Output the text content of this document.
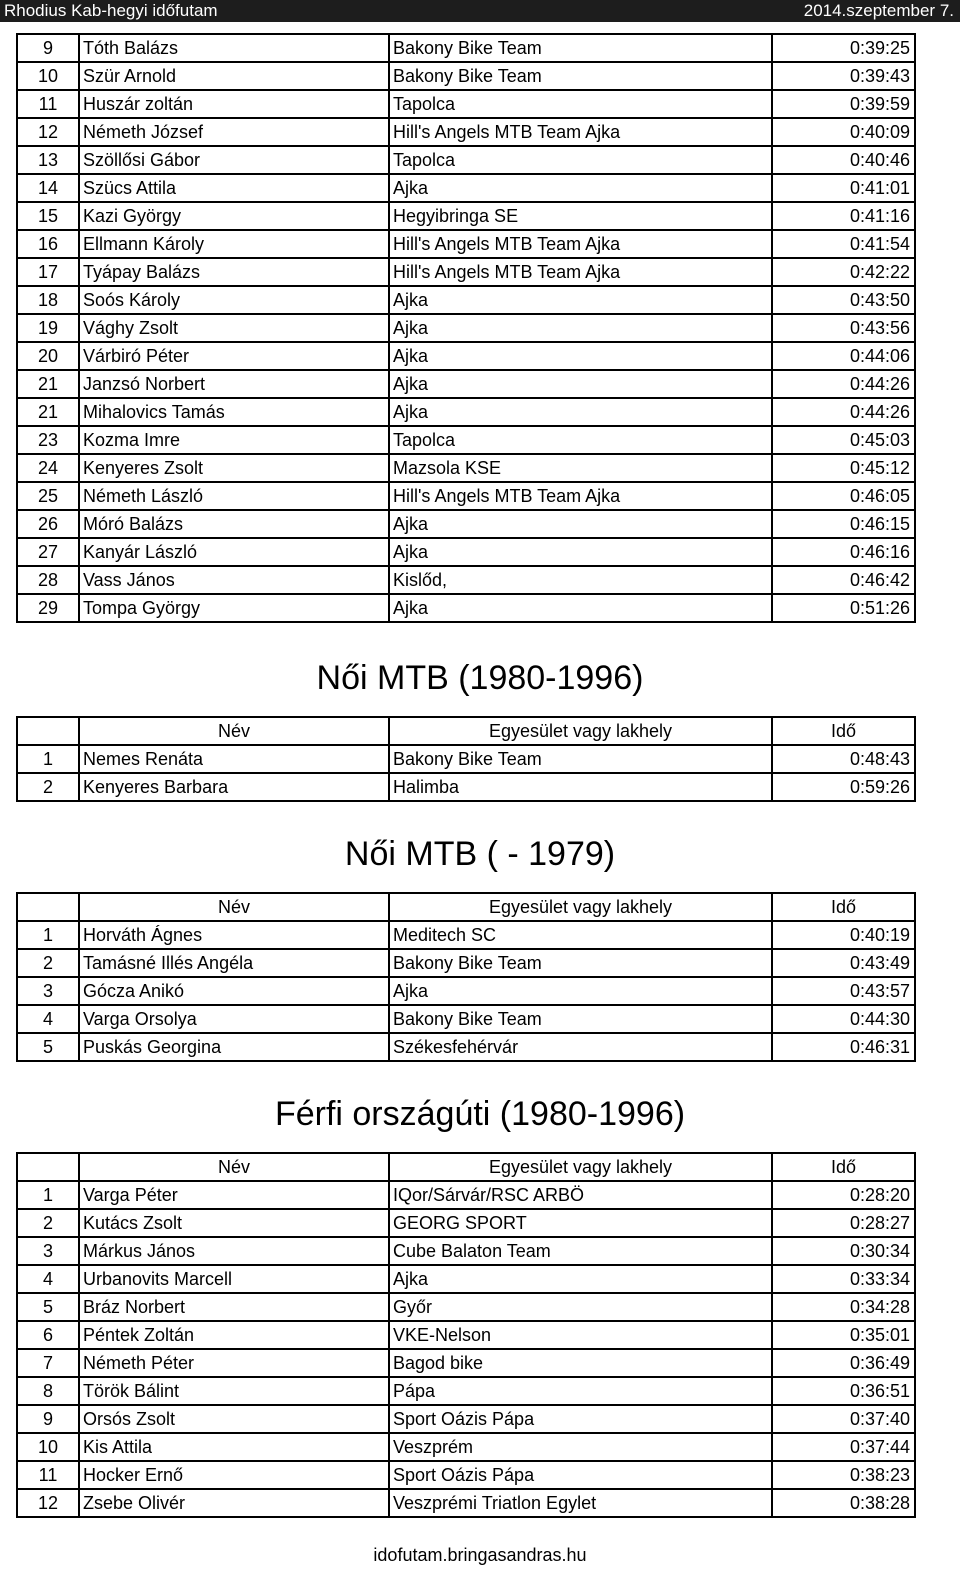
Rhodius Kab-hegyi időfutam	2014.szeptember 7.
9	Tóth Balázs	Bakony Bike Team	0:39:25
10	Szür Arnold	Bakony Bike Team	0:39:43
11	Huszár zoltán	Tapolca	0:39:59
12	Németh József	Hill's Angels MTB Team Ajka	0:40:09
13	Szöllősi Gábor	Tapolca	0:40:46
14	Szücs Attila	Ajka	0:41:01
15	Kazi György	Hegyibringa SE	0:41:16
16	Ellmann Károly	Hill's Angels MTB Team Ajka	0:41:54
17	Tyápay Balázs	Hill's Angels MTB Team Ajka	0:42:22
18	Soós Károly	Ajka	0:43:50
19	Vághy Zsolt	Ajka	0:43:56
20	Várbiró Péter	Ajka	0:44:06
21	Janzsó Norbert	Ajka	0:44:26
21	Mihalovics Tamás	Ajka	0:44:26
23	Kozma Imre	Tapolca	0:45:03
24	Kenyeres Zsolt	Mazsola KSE	0:45:12
25	Németh László	Hill's Angels MTB Team Ajka	0:46:05
26	Móró Balázs	Ajka	0:46:15
27	Kanyár László	Ajka	0:46:16
28	Vass János	Kislőd,	0:46:42
29	Tompa György	Ajka	0:51:26
Női MTB (1980-1996)
	Név	Egyesület vagy lakhely	Idő
1	Nemes Renáta	Bakony Bike Team	0:48:43
2	Kenyeres Barbara	Halimba	0:59:26
Női MTB ( - 1979)
	Név	Egyesület vagy lakhely	Idő
1	Horváth Ágnes	Meditech SC	0:40:19
2	Tamásné Illés Angéla	Bakony Bike Team	0:43:49
3	Gócza Anikó	Ajka	0:43:57
4	Varga Orsolya	Bakony Bike Team	0:44:30
5	Puskás Georgina	Székesfehérvár	0:46:31
Férfi országúti (1980-1996)
	Név	Egyesület vagy lakhely	Idő
1	Varga Péter	IQor/Sárvár/RSC ARBÖ	0:28:20
2	Kutács Zsolt	GEORG SPORT	0:28:27
3	Márkus János	Cube Balaton Team	0:30:34
4	Urbanovits Marcell	Ajka	0:33:34
5	Bráz Norbert	Győr	0:34:28
6	Péntek Zoltán	VKE-Nelson	0:35:01
7	Németh Péter	Bagod bike	0:36:49
8	Török Bálint	Pápa	0:36:51
9	Orsós Zsolt	Sport Oázis Pápa	0:37:40
10	Kis Attila	Veszprém	0:37:44
11	Hocker Ernő	Sport Oázis Pápa	0:38:23
12	Zsebe Olivér	Veszprémi Triatlon Egylet	0:38:28
idofutam.bringasandras.hu
